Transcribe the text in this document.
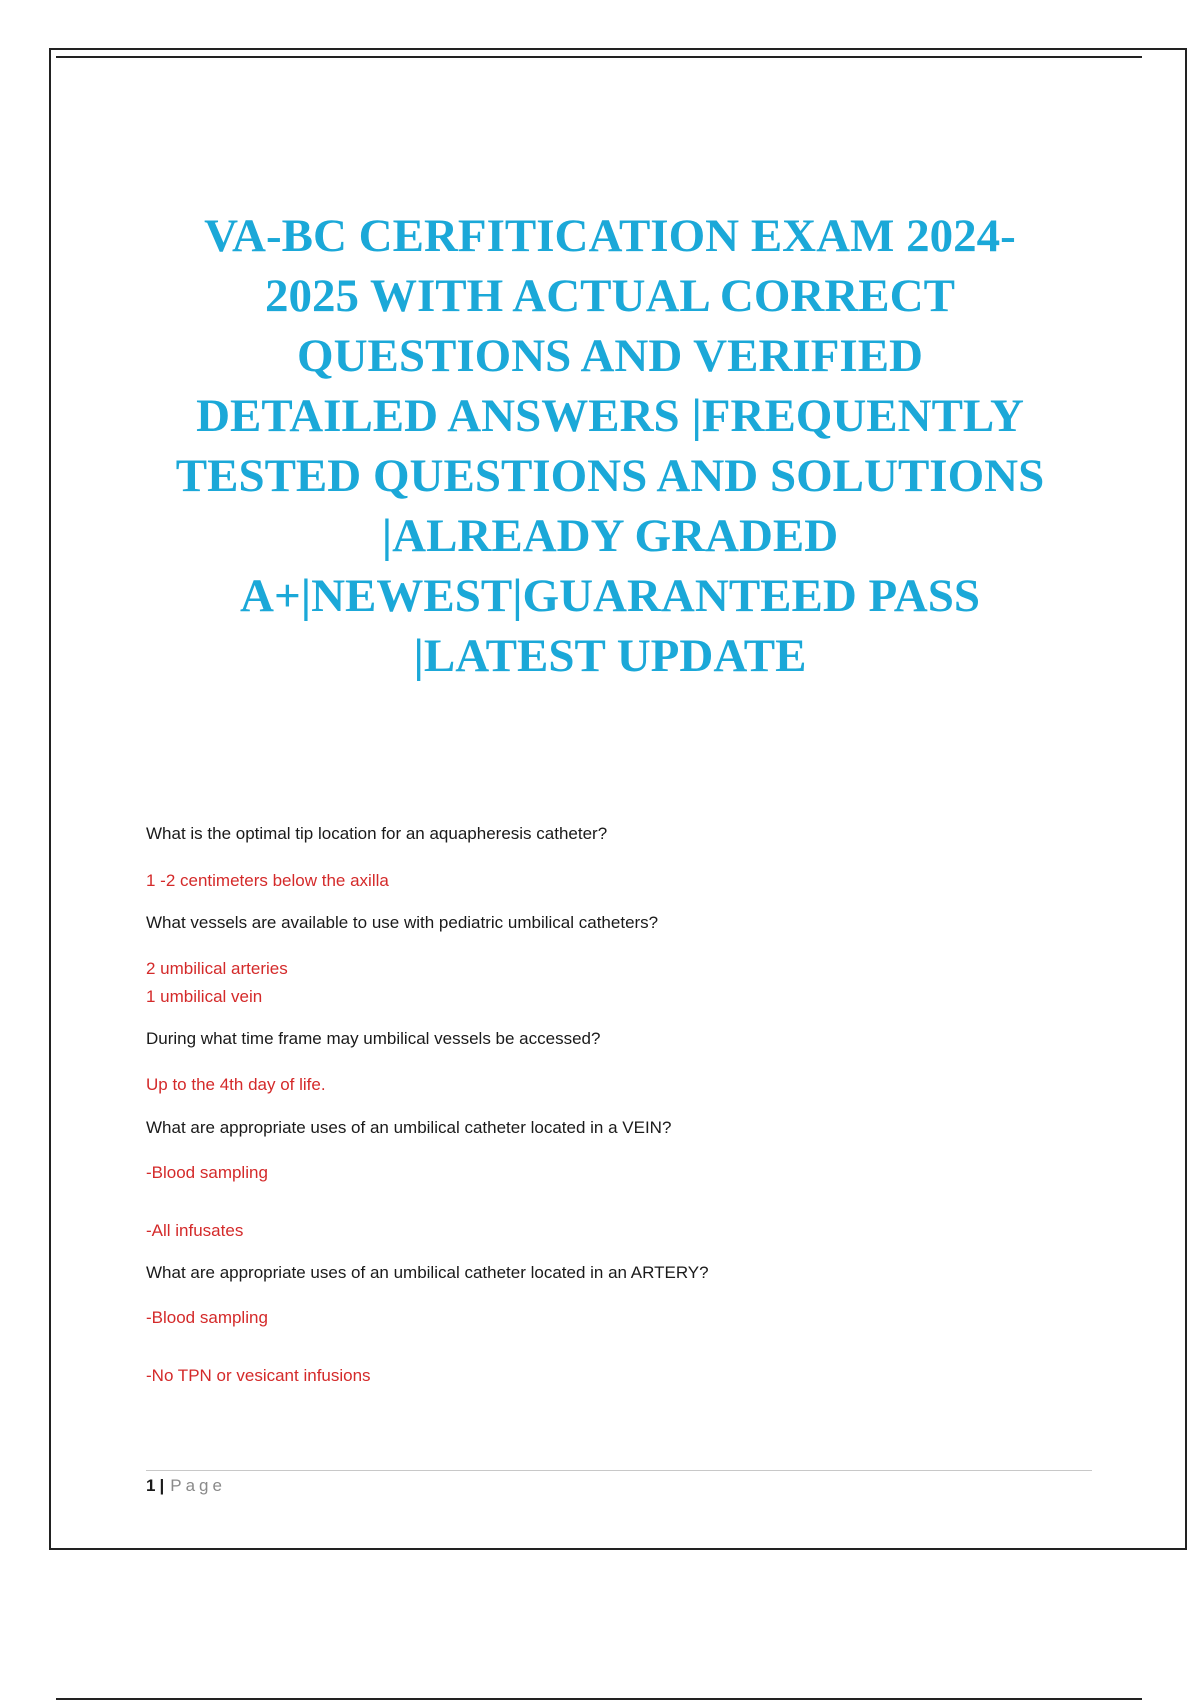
VA-BC CERFITICATION EXAM 2024-
2025 WITH ACTUAL CORRECT
QUESTIONS AND VERIFIED
DETAILED ANSWERS |FREQUENTLY
TESTED QUESTIONS AND SOLUTIONS
|ALREADY GRADED
A+|NEWEST|GUARANTEED PASS
|LATEST UPDATE

What is the optimal tip location for an aquapheresis catheter?

1 -2 centimeters below the axilla

What vessels are available to use with pediatric umbilical catheters?

2 umbilical arteries

1 umbilical vein

During what time frame may umbilical vessels be accessed?

Up to the 4th day of life.

What are appropriate uses of an umbilical catheter located in a VEIN?

-Blood sampling

-All infusates

What are appropriate uses of an umbilical catheter located in an ARTERY?

-Blood sampling

-No TPN or vesicant infusions

1 | Page
